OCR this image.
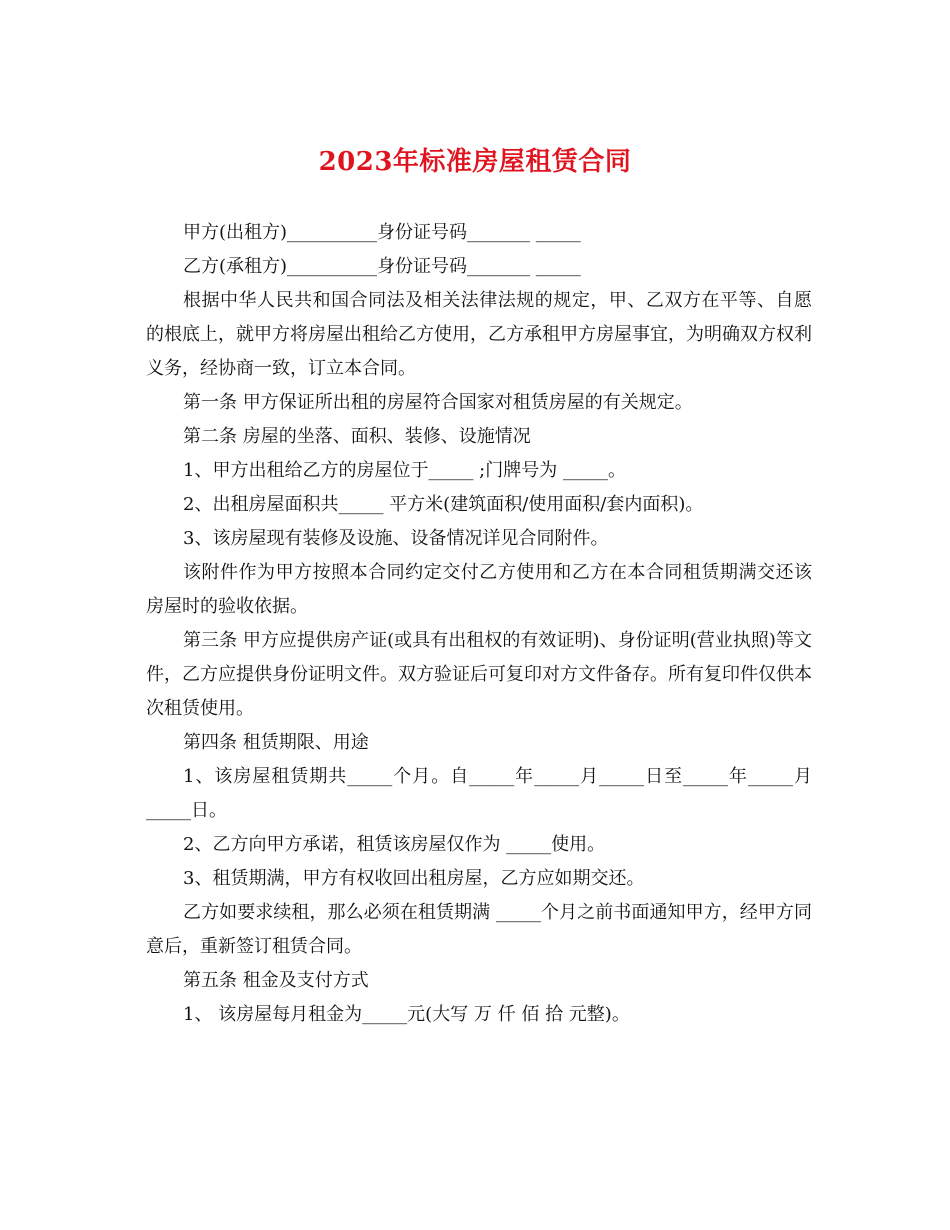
2023年标准房屋租赁合同

甲方(出租方)__________身份证号码_______ _____

乙方(承租方)__________身份证号码_______ _____

根据中华人民共和国合同法及相关法律法规的规定，甲、乙双方在平等、自愿的根底上，就甲方将房屋出租给乙方使用，乙方承租甲方房屋事宜，为明确双方权利义务，经协商一致，订立本合同。

第一条 甲方保证所出租的房屋符合国家对租赁房屋的有关规定。

第二条 房屋的坐落、面积、装修、设施情况

1、甲方出租给乙方的房屋位于_____ ;门牌号为 _____。

2、出租房屋面积共_____ 平方米(建筑面积/使用面积/套内面积)。

3、该房屋现有装修及设施、设备情况详见合同附件。

该附件作为甲方按照本合同约定交付乙方使用和乙方在本合同租赁期满交还该房屋时的验收依据。

第三条 甲方应提供房产证(或具有出租权的有效证明)、身份证明(营业执照)等文件，乙方应提供身份证明文件。双方验证后可复印对方文件备存。所有复印件仅供本次租赁使用。

第四条 租赁期限、用途

1、该房屋租赁期共_____个月。自_____年_____月_____日至_____年_____月_____日。

2、乙方向甲方承诺，租赁该房屋仅作为 _____使用。

3、租赁期满，甲方有权收回出租房屋，乙方应如期交还。

乙方如要求续租，那么必须在租赁期满 _____个月之前书面通知甲方，经甲方同意后，重新签订租赁合同。

第五条 租金及支付方式

1、 该房屋每月租金为_____元(大写 万 仟 佰 拾 元整)。
